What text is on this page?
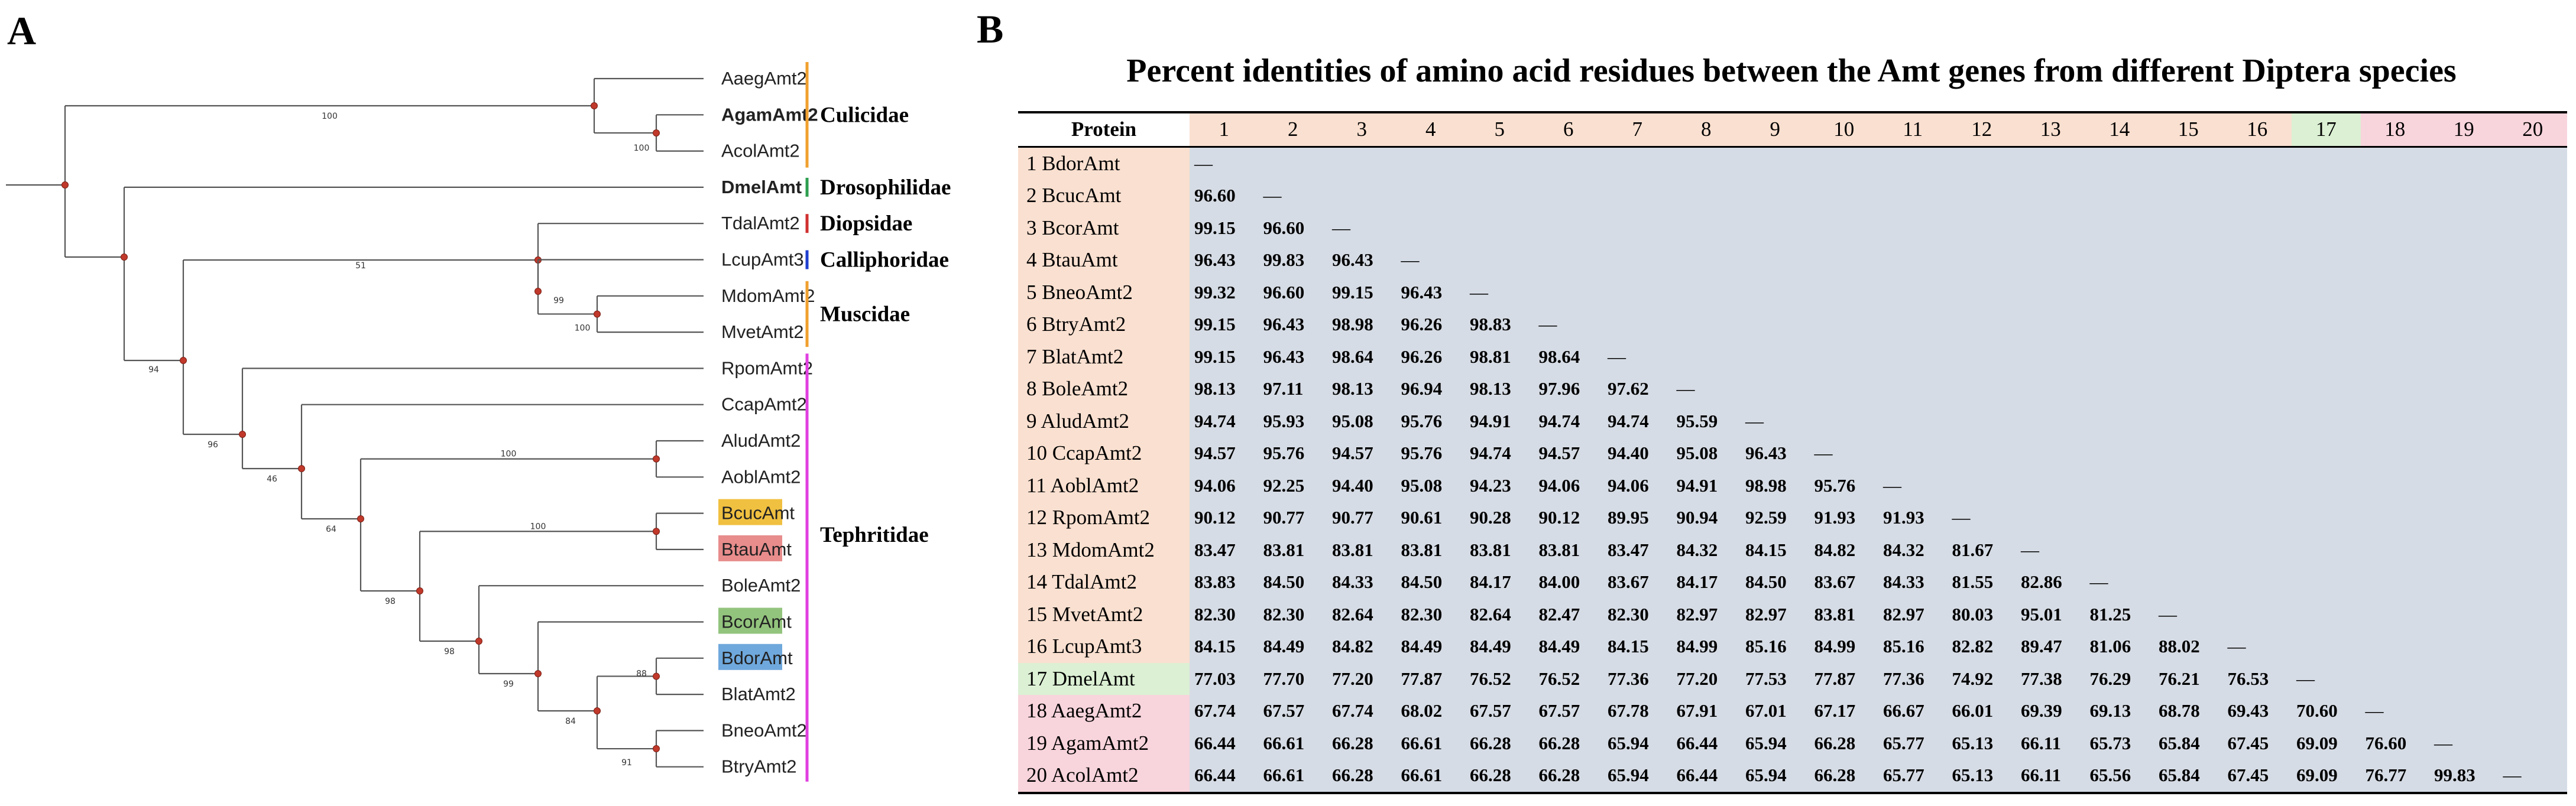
A
AaegAmt2
AgamAmt2
AcolAmt2
DmelAmt
TdalAmt2
LcupAmt3
MdomAmt2
MvetAmt2
RpomAmt2
CcapAmt2
AludAmt2
AoblAmt2
BcucAmt
BtauAmt
BoleAmt2
BcorAmt
BdorAmt
BlatAmt2
BneoAmt2
BtryAmt2
100
100
94
51
99
100
96
46
64
100
98
100
98
99
84
88
91
Culicidae
Drosophilidae
Diopsidae
Calliphoridae
Muscidae
Tephritidae
B
Percent identities of amino acid residues between the Amt genes from different Diptera species
Protein	1	2	3	4	5	6	7	8	9	10	11	12	13	14	15	16	17	18	19	20
1 BdorAmt	—																			
2 BcucAmt	96.60	—																		
3 BcorAmt	99.15	96.60	—																	
4 BtauAmt	96.43	99.83	96.43	—																
5 BneoAmt2	99.32	96.60	99.15	96.43	—															
6 BtryAmt2	99.15	96.43	98.98	96.26	98.83	—														
7 BlatAmt2	99.15	96.43	98.64	96.26	98.81	98.64	—													
8 BoleAmt2	98.13	97.11	98.13	96.94	98.13	97.96	97.62	—												
9 AludAmt2	94.74	95.93	95.08	95.76	94.91	94.74	94.74	95.59	—											
10 CcapAmt2	94.57	95.76	94.57	95.76	94.74	94.57	94.40	95.08	96.43	—										
11 AoblAmt2	94.06	92.25	94.40	95.08	94.23	94.06	94.06	94.91	98.98	95.76	—									
12 RpomAmt2	90.12	90.77	90.77	90.61	90.28	90.12	89.95	90.94	92.59	91.93	91.93	—								
13 MdomAmt2	83.47	83.81	83.81	83.81	83.81	83.81	83.47	84.32	84.15	84.82	84.32	81.67	—							
14 TdalAmt2	83.83	84.50	84.33	84.50	84.17	84.00	83.67	84.17	84.50	83.67	84.33	81.55	82.86	—						
15 MvetAmt2	82.30	82.30	82.64	82.30	82.64	82.47	82.30	82.97	82.97	83.81	82.97	80.03	95.01	81.25	—					
16 LcupAmt3	84.15	84.49	84.82	84.49	84.49	84.49	84.15	84.99	85.16	84.99	85.16	82.82	89.47	81.06	88.02	—				
17 DmelAmt	77.03	77.70	77.20	77.87	76.52	76.52	77.36	77.20	77.53	77.87	77.36	74.92	77.38	76.29	76.21	76.53	—			
18 AaegAmt2	67.74	67.57	67.74	68.02	67.57	67.57	67.78	67.91	67.01	67.17	66.67	66.01	69.39	69.13	68.78	69.43	70.60	—		
19 AgamAmt2	66.44	66.61	66.28	66.61	66.28	66.28	65.94	66.44	65.94	66.28	65.77	65.13	66.11	65.73	65.84	67.45	69.09	76.60	—	
20 AcolAmt2	66.44	66.61	66.28	66.61	66.28	66.28	65.94	66.44	65.94	66.28	65.77	65.13	66.11	65.56	65.84	67.45	69.09	76.77	99.83	—
